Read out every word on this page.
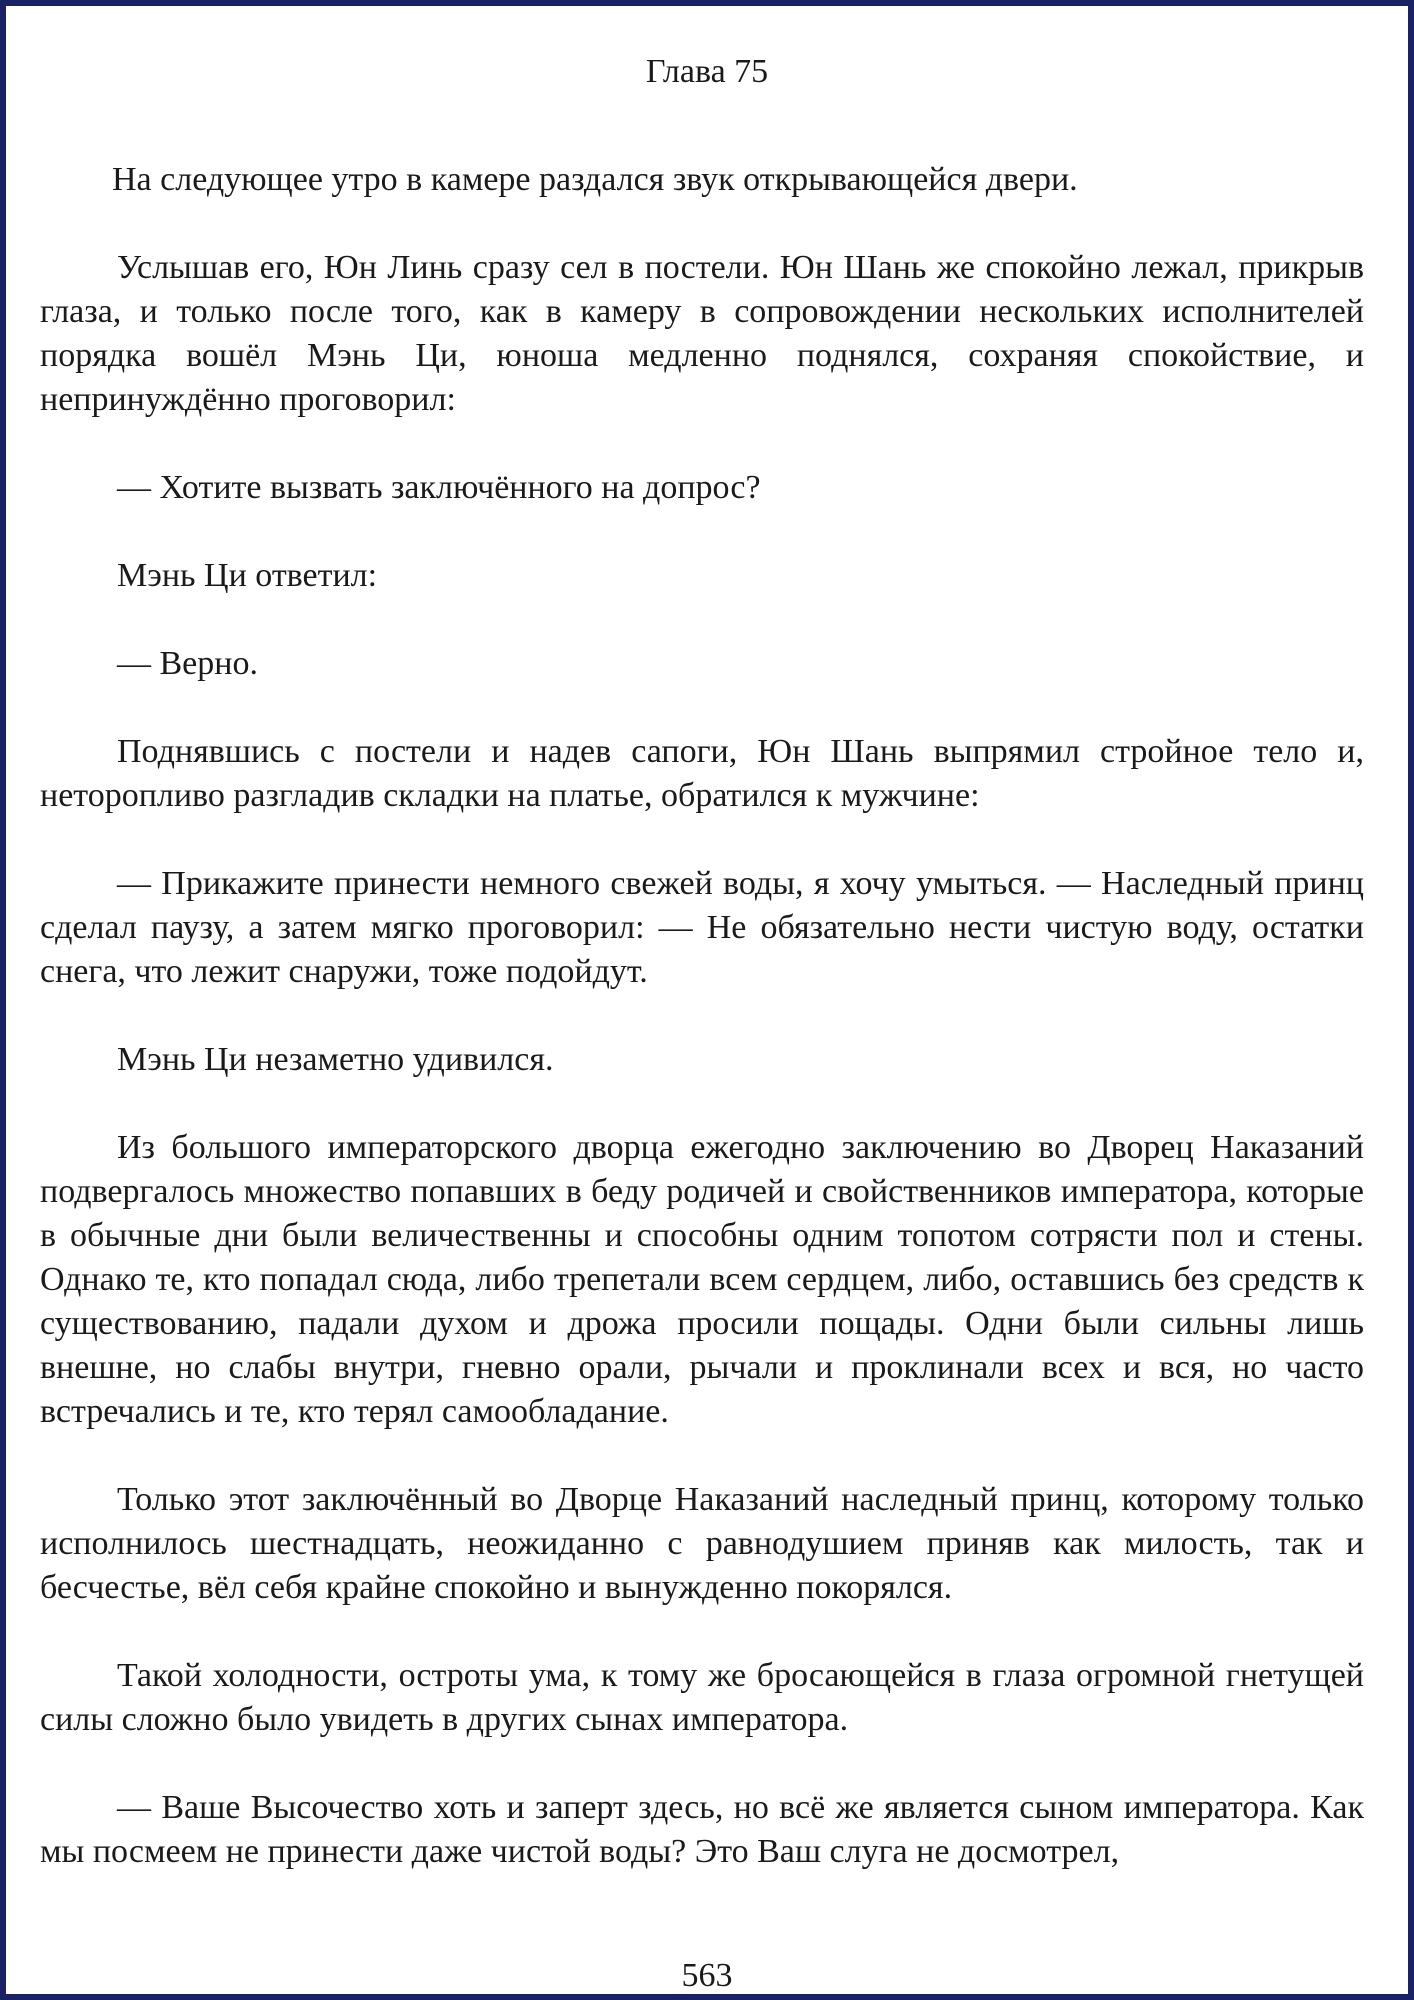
Глава 75

На следующее утро в камере раздался звук открывающейся двери.

Услышав его, Юн Линь сразу сел в постели. Юн Шань же спокойно лежал, прикрыв глаза, и только после того, как в камеру в сопровождении нескольких исполнителей порядка вошёл Мэнь Ци, юноша медленно поднялся, сохраняя спокойствие, и непринуждённо проговорил:

— Хотите вызвать заключённого на допрос?

Мэнь Ци ответил:

— Верно.

Поднявшись с постели и надев сапоги, Юн Шань выпрямил стройное тело и, неторопливо разгладив складки на платье, обратился к мужчине:

— Прикажите принести немного свежей воды, я хочу умыться. — Наследный принц сделал паузу, а затем мягко проговорил: — Не обязательно нести чистую воду, остатки снега, что лежит снаружи, тоже подойдут.

Мэнь Ци незаметно удивился.

Из большого императорского дворца ежегодно заключению во Дворец Наказаний подвергалось множество попавших в беду родичей и свойственников императора, которые в обычные дни были величественны и способны одним топотом сотрясти пол и стены. Однако те, кто попадал сюда, либо трепетали всем сердцем, либо, оставшись без средств к существованию, падали духом и дрожа просили пощады. Одни были сильны лишь внешне, но слабы внутри, гневно орали, рычали и проклинали всех и вся, но часто встречались и те, кто терял самообладание.

Только этот заключённый во Дворце Наказаний наследный принц, которому только исполнилось шестнадцать, неожиданно с равнодушием приняв как милость, так и бесчестье, вёл себя крайне спокойно и вынужденно покорялся.

Такой холодности, остроты ума, к тому же бросающейся в глаза огромной гнетущей силы сложно было увидеть в других сынах императора.

— Ваше Высочество хоть и заперт здесь, но всё же является сыном императора. Как мы посмеем не принести даже чистой воды? Это Ваш слуга не досмотрел,

563
